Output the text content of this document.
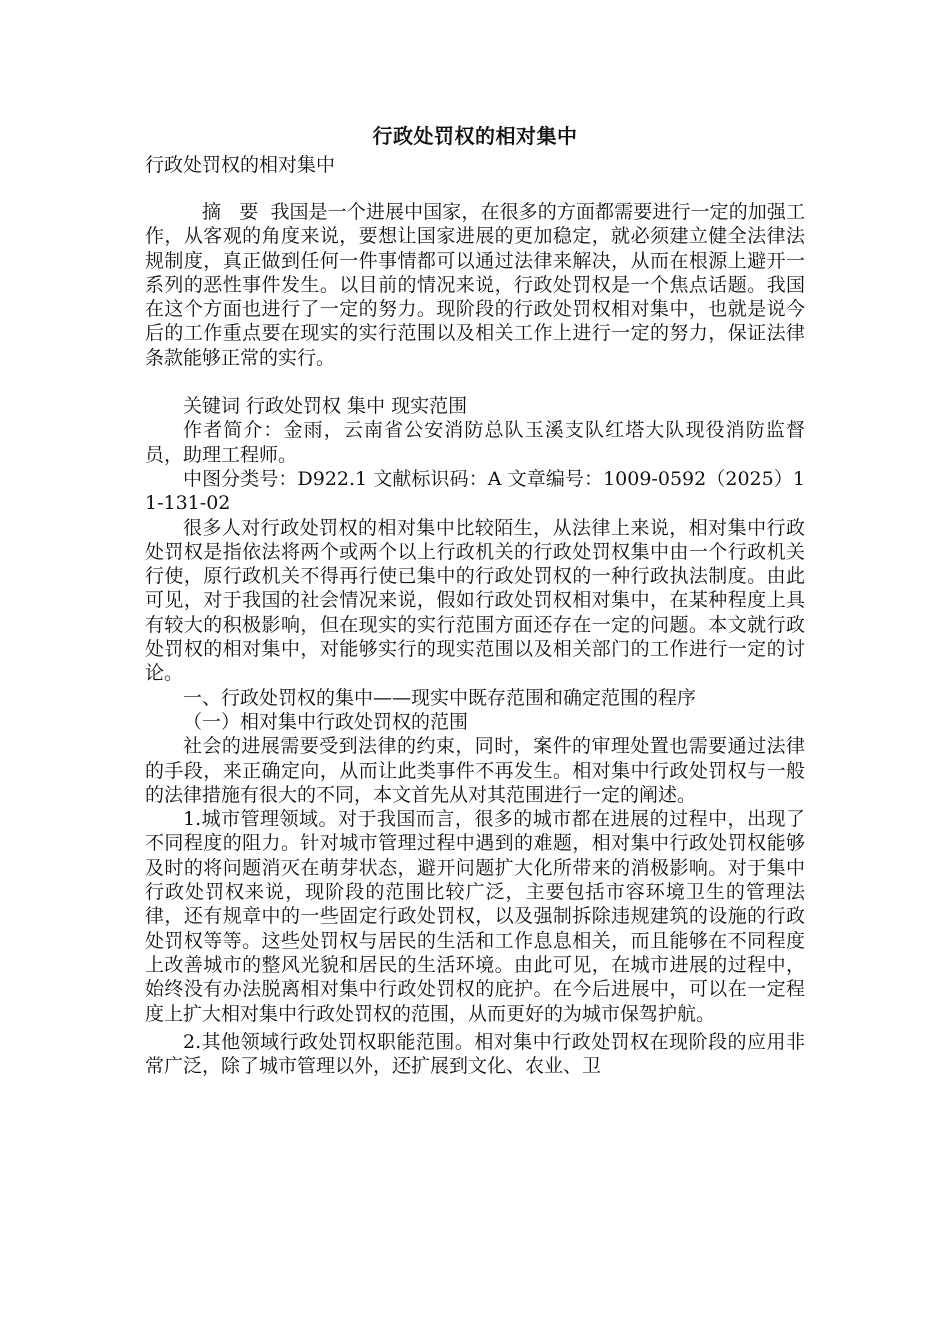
行政处罚权的相对集中

行政处罚权的相对集中

摘 要 我国是一个进展中国家，在很多的方面都需要进行一定的加强工作，从客观的角度来说，要想让国家进展的更加稳定，就必须建立健全法律法规制度，真正做到任何一件事情都可以通过法律来解决，从而在根源上避开一系列的恶性事件发生。以目前的情况来说，行政处罚权是一个焦点话题。我国在这个方面也进行了一定的努力。现阶段的行政处罚权相对集中，也就是说今后的工作重点要在现实的实行范围以及相关工作上进行一定的努力，保证法律条款能够正常的实行。

关键词 行政处罚权 集中 现实范围

作者简介：金雨，云南省公安消防总队玉溪支队红塔大队现役消防监督员，助理工程师。

中图分类号：D922.1 文献标识码：A 文章编号：1009-0592（2025）11-131-02

很多人对行政处罚权的相对集中比较陌生，从法律上来说，相对集中行政处罚权是指依法将两个或两个以上行政机关的行政处罚权集中由一个行政机关行使，原行政机关不得再行使已集中的行政处罚权的一种行政执法制度。由此可见，对于我国的社会情况来说，假如行政处罚权相对集中，在某种程度上具有较大的积极影响，但在现实的实行范围方面还存在一定的问题。本文就行政处罚权的相对集中，对能够实行的现实范围以及相关部门的工作进行一定的讨论。

一、行政处罚权的集中——现实中既存范围和确定范围的程序

（一）相对集中行政处罚权的范围

社会的进展需要受到法律的约束，同时，案件的审理处置也需要通过法律的手段，来正确定向，从而让此类事件不再发生。相对集中行政处罚权与一般的法律措施有很大的不同，本文首先从对其范围进行一定的阐述。

1.城市管理领域。对于我国而言，很多的城市都在进展的过程中，出现了不同程度的阻力。针对城市管理过程中遇到的难题，相对集中行政处罚权能够及时的将问题消灭在萌芽状态，避开问题扩大化所带来的消极影响。对于集中行政处罚权来说，现阶段的范围比较广泛，主要包括市容环境卫生的管理法律，还有规章中的一些固定行政处罚权，以及强制拆除违规建筑的设施的行政处罚权等等。这些处罚权与居民的生活和工作息息相关，而且能够在不同程度上改善城市的整风光貌和居民的生活环境。由此可见，在城市进展的过程中，始终没有办法脱离相对集中行政处罚权的庇护。在今后进展中，可以在一定程度上扩大相对集中行政处罚权的范围，从而更好的为城市保驾护航。

2.其他领域行政处罚权职能范围。相对集中行政处罚权在现阶段的应用非常广泛，除了城市管理以外，还扩展到文化、农业、卫
